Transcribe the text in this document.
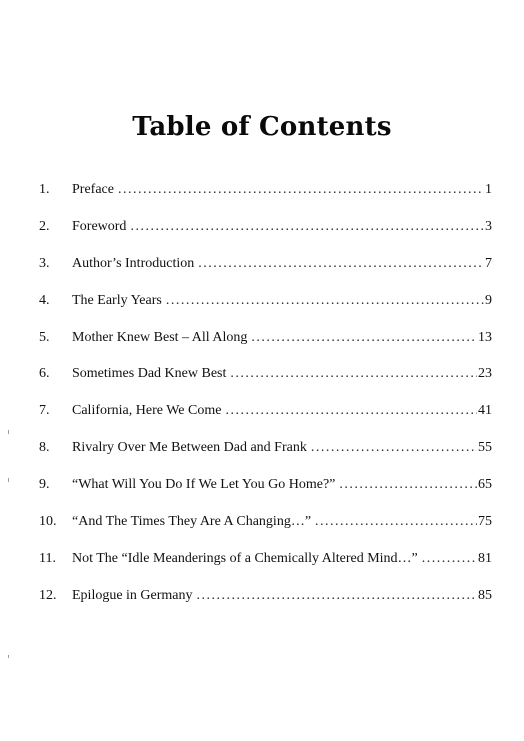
Table of Contents
1.	Preface . . .	1
2.	Foreword . . .	3
3.	Author’s Introduction . . .	7
4.	The Early Years . . .	9
5.	Mother Knew Best – All Along . . .	13
6.	Sometimes Dad Knew Best . . .	23
7.	California, Here We Come . . .	41
8.	Rivalry Over Me Between Dad and Frank . . .	55
9.	“What Will You Do If We Let You Go Home?” . . .	65
10.	“And The Times They Are A Changing…” . . .	75
11.	Not The “Idle Meanderings of a Chemically Altered Mind…” . . .	81
12.	Epilogue in Germany . . .	85
